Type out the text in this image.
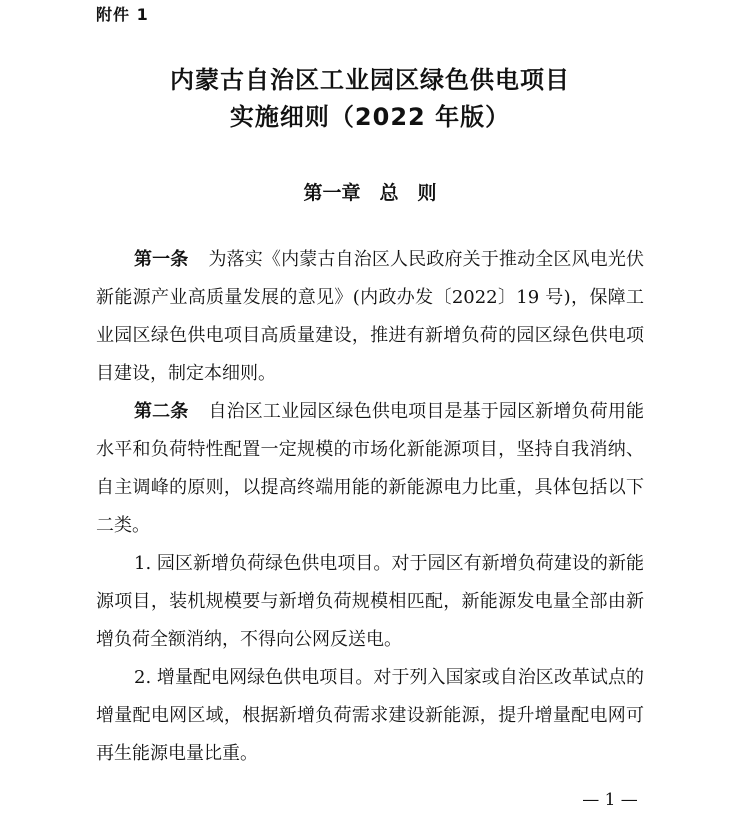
附件 1
内蒙古自治区工业园区绿色供电项目
实施细则（2022 年版）
第一章　总　则

第一条 为落实《内蒙古自治区人民政府关于推动全区风电光伏新能源产业高质量发展的意见》(内政办发〔2022〕19 号)，保障工业园区绿色供电项目高质量建设，推进有新增负荷的园区绿色供电项目建设，制定本细则。

第二条 自治区工业园区绿色供电项目是基于园区新增负荷用能水平和负荷特性配置一定规模的市场化新能源项目，坚持自我消纳、自主调峰的原则，以提高终端用能的新能源电力比重，具体包括以下二类。

1. 园区新增负荷绿色供电项目。对于园区有新增负荷建设的新能源项目，装机规模要与新增负荷规模相匹配，新能源发电量全部由新增负荷全额消纳，不得向公网反送电。

2. 增量配电网绿色供电项目。对于列入国家或自治区改革试点的增量配电网区域，根据新增负荷需求建设新能源，提升增量配电网可再生能源电量比重。

— 1 —
